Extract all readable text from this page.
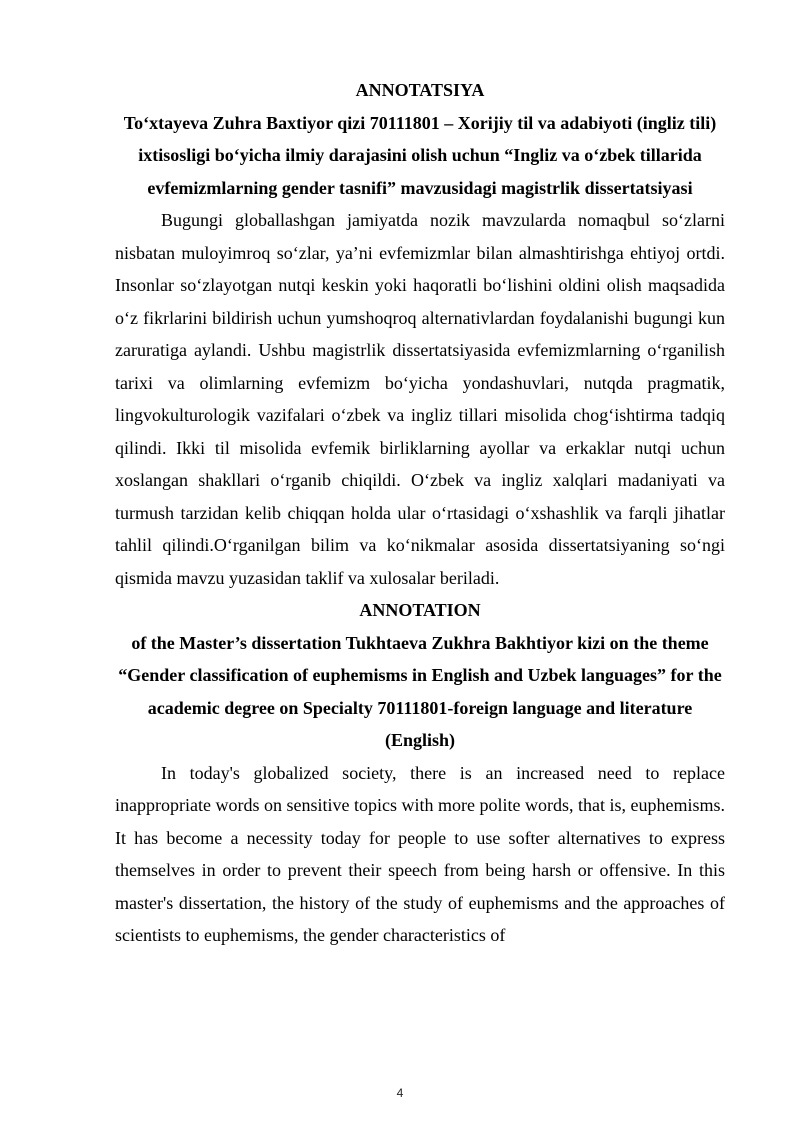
ANNOTATSIYA

To‘xtayeva Zuhra Baxtiyor qizi 70111801 – Xorijiy til va adabiyoti (ingliz tili) ixtisosligi bo‘yicha ilmiy darajasini olish uchun “Ingliz va o‘zbek tillarida evfemizmlarning gender tasnifi” mavzusidagi magistrlik dissertatsiyasi

Bugungi globallashgan jamiyatda nozik mavzularda nomaqbul so‘zlarni nisbatan muloyimroq so‘zlar, ya’ni evfemizmlar bilan almashtirishga ehtiyoj ortdi. Insonlar so‘zlayotgan nutqi keskin yoki haqoratli bo‘lishini oldini olish maqsadida o‘z fikrlarini bildirish uchun yumshoqroq alternativlardan foydalanishi bugungi kun zaruratiga aylandi. Ushbu magistrlik dissertatsiyasida evfemizmlarning o‘rganilish tarixi va olimlarning evfemizm bo‘yicha yondashuvlari, nutqda pragmatik, lingvokulturologik vazifalari o‘zbek va ingliz tillari misolida chog‘ishtirma tadqiq qilindi. Ikki til misolida evfemik birliklarning ayollar va erkaklar nutqi uchun xoslangan shakllari o‘rganib chiqildi. O‘zbek va ingliz xalqlari madaniyati va turmush tarzidan kelib chiqqan holda ular o‘rtasidagi o‘xshashlik va farqli jihatlar tahlil qilindi.O‘rganilgan bilim va ko‘nikmalar asosida dissertatsiyaning so‘ngi qismida mavzu yuzasidan taklif va xulosalar beriladi.

ANNOTATION

of the Master’s dissertation Tukhtaeva Zukhra Bakhtiyor kizi on the theme “Gender classification of euphemisms in English and Uzbek languages” for the academic degree on Specialty 70111801-foreign language and literature (English)

In today's globalized society, there is an increased need to replace inappropriate words on sensitive topics with more polite words, that is, euphemisms. It has become a necessity today for people to use softer alternatives to express themselves in order to prevent their speech from being harsh or offensive. In this master's dissertation, the history of the study of euphemisms and the approaches of scientists to euphemisms, the gender characteristics of

4
